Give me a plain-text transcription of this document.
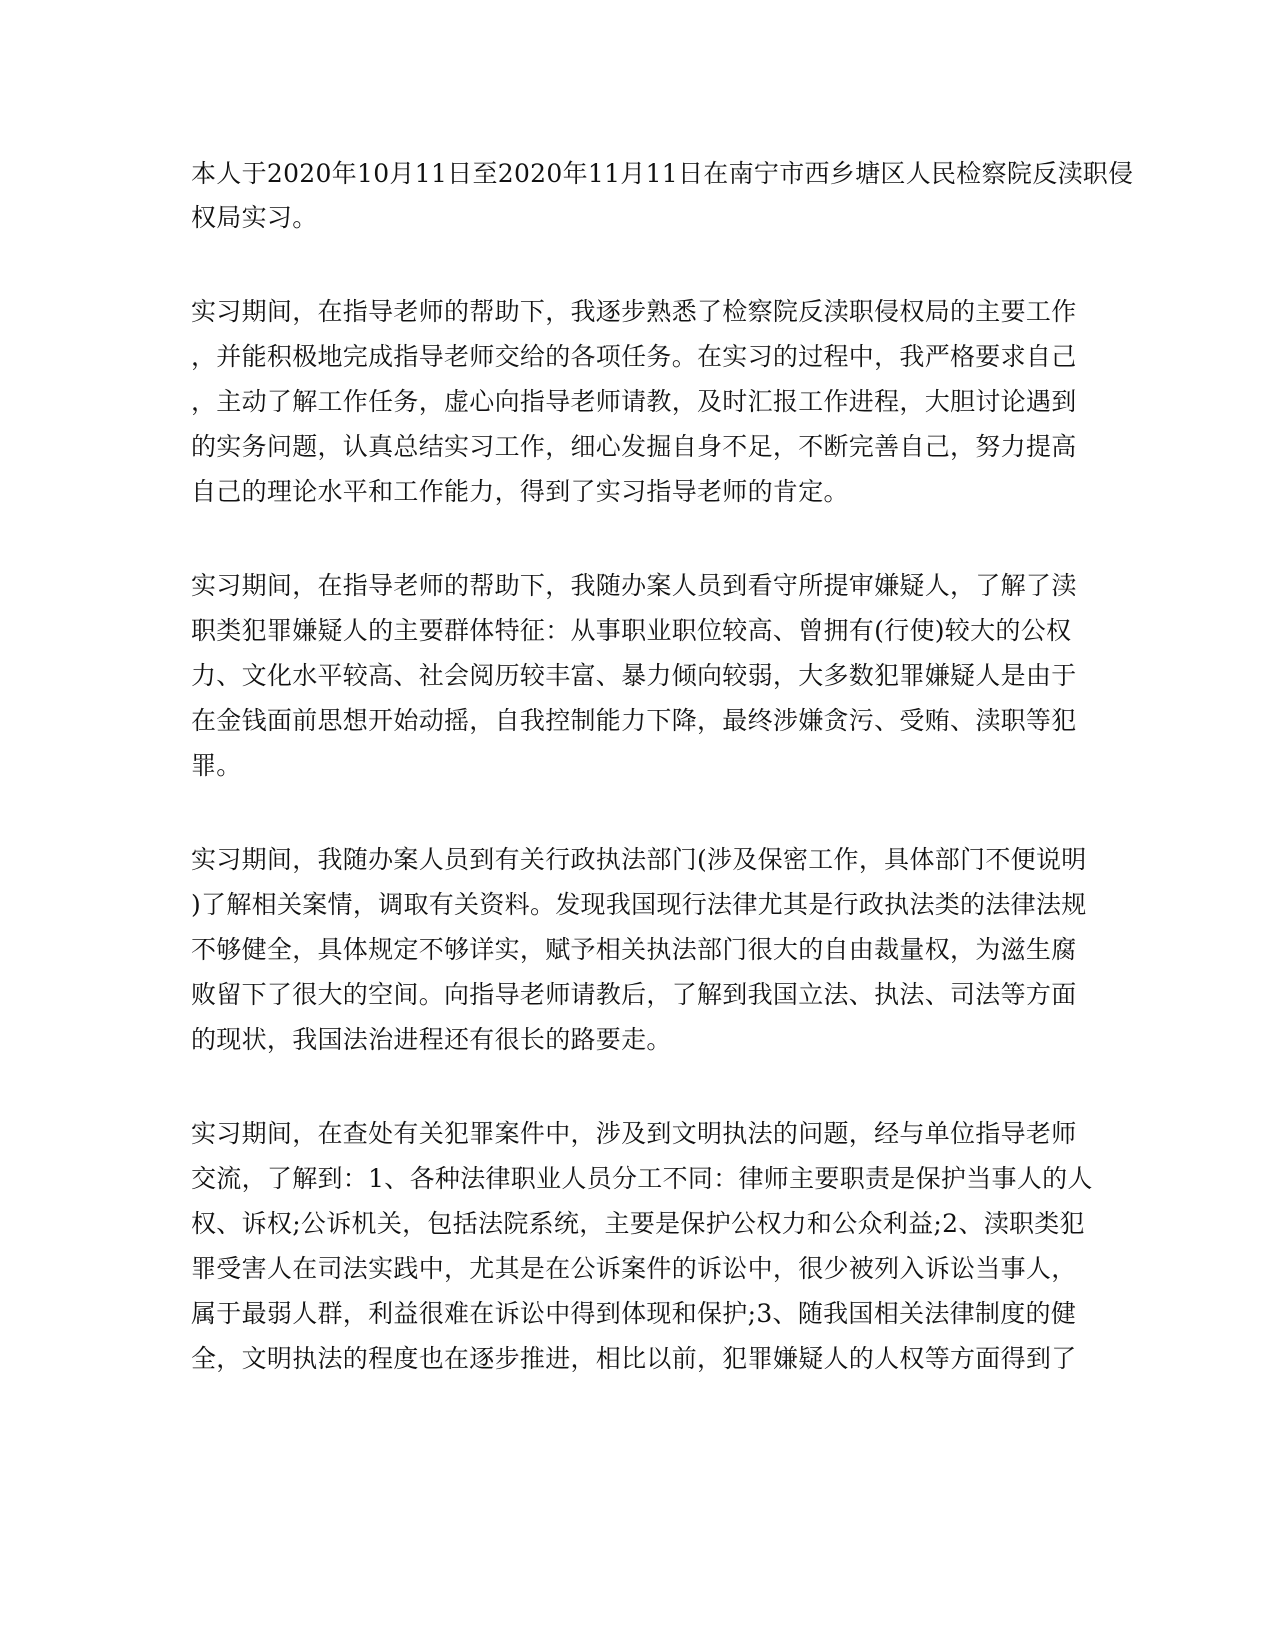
本人于2020年10月11日至2020年11月11日在南宁市西乡塘区人民检察院反渎职侵
权局实习。
实习期间，在指导老师的帮助下，我逐步熟悉了检察院反渎职侵权局的主要工作
，并能积极地完成指导老师交给的各项任务。在实习的过程中，我严格要求自己
，主动了解工作任务，虚心向指导老师请教，及时汇报工作进程，大胆讨论遇到
的实务问题，认真总结实习工作，细心发掘自身不足，不断完善自己，努力提高
自己的理论水平和工作能力，得到了实习指导老师的肯定。
实习期间，在指导老师的帮助下，我随办案人员到看守所提审嫌疑人，了解了渎
职类犯罪嫌疑人的主要群体特征：从事职业职位较高、曾拥有(行使)较大的公权
力、文化水平较高、社会阅历较丰富、暴力倾向较弱，大多数犯罪嫌疑人是由于
在金钱面前思想开始动摇，自我控制能力下降，最终涉嫌贪污、受贿、渎职等犯
罪。
实习期间，我随办案人员到有关行政执法部门(涉及保密工作，具体部门不便说明
)了解相关案情，调取有关资料。发现我国现行法律尤其是行政执法类的法律法规
不够健全，具体规定不够详实，赋予相关执法部门很大的自由裁量权，为滋生腐
败留下了很大的空间。向指导老师请教后，了解到我国立法、执法、司法等方面
的现状，我国法治进程还有很长的路要走。
实习期间，在查处有关犯罪案件中，涉及到文明执法的问题，经与单位指导老师
交流，了解到：1、各种法律职业人员分工不同：律师主要职责是保护当事人的人
权、诉权;公诉机关，包括法院系统，主要是保护公权力和公众利益;2、渎职类犯
罪受害人在司法实践中，尤其是在公诉案件的诉讼中，很少被列入诉讼当事人，
属于最弱人群，利益很难在诉讼中得到体现和保护;3、随我国相关法律制度的健
全，文明执法的程度也在逐步推进，相比以前，犯罪嫌疑人的人权等方面得到了
